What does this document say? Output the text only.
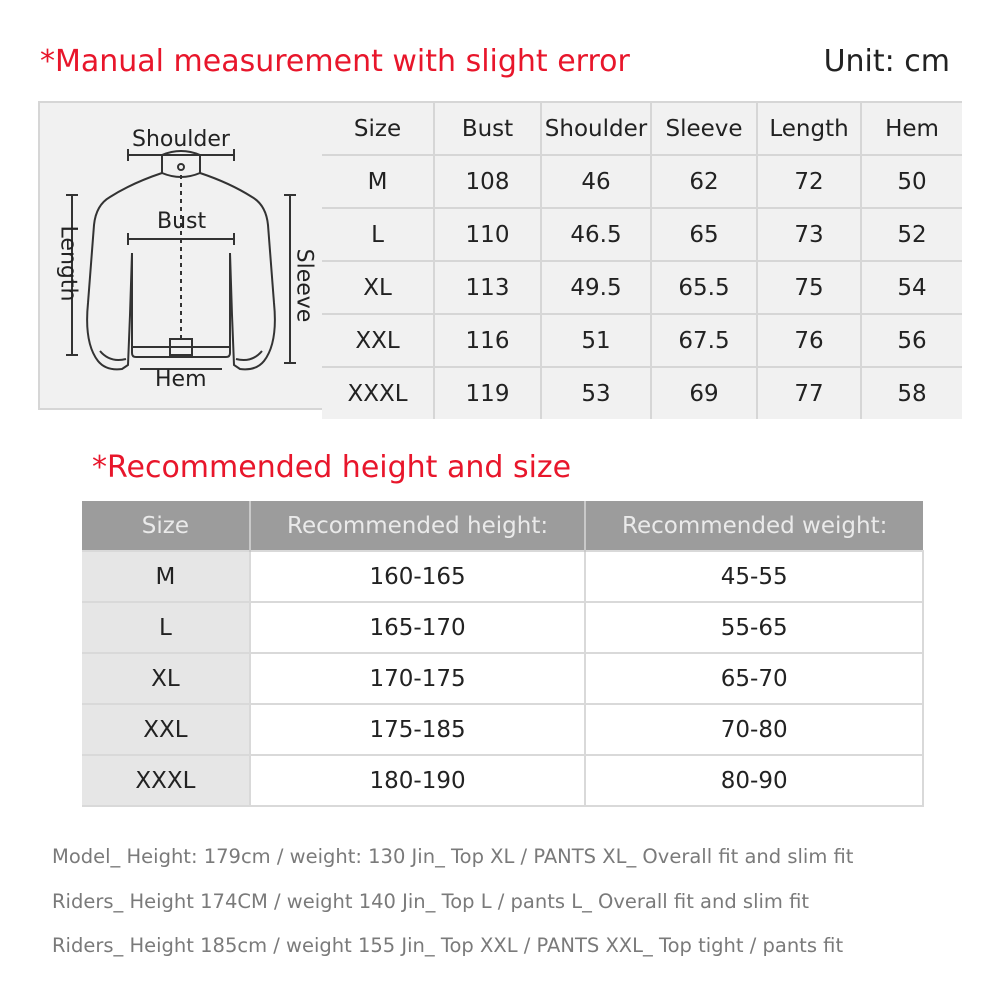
*Manual measurement with slight error	Unit: cm
Shoulder
Bust
Hem
Length	Sleeve
Size	Bust	Shoulder	Sleeve	Length	Hem
M	108	46	62	72	50
L	110	46.5	65	73	52
XL	113	49.5	65.5	75	54
XXL	116	51	67.5	76	56
XXXL	119	53	69	77	58
*Recommended height and size
Size	Recommended height:	Recommended weight:
M	160-165	45-55
L	165-170	55-65
XL	170-175	65-70
XXL	175-185	70-80
XXXL	180-190	80-90
Model_ Height: 179cm / weight: 130 Jin_ Top XL / PANTS XL_ Overall fit and slim fit
Riders_ Height 174CM / weight 140 Jin_ Top L / pants L_ Overall fit and slim fit
Riders_ Height 185cm / weight 155 Jin_ Top XXL / PANTS XXL_ Top tight / pants fit
